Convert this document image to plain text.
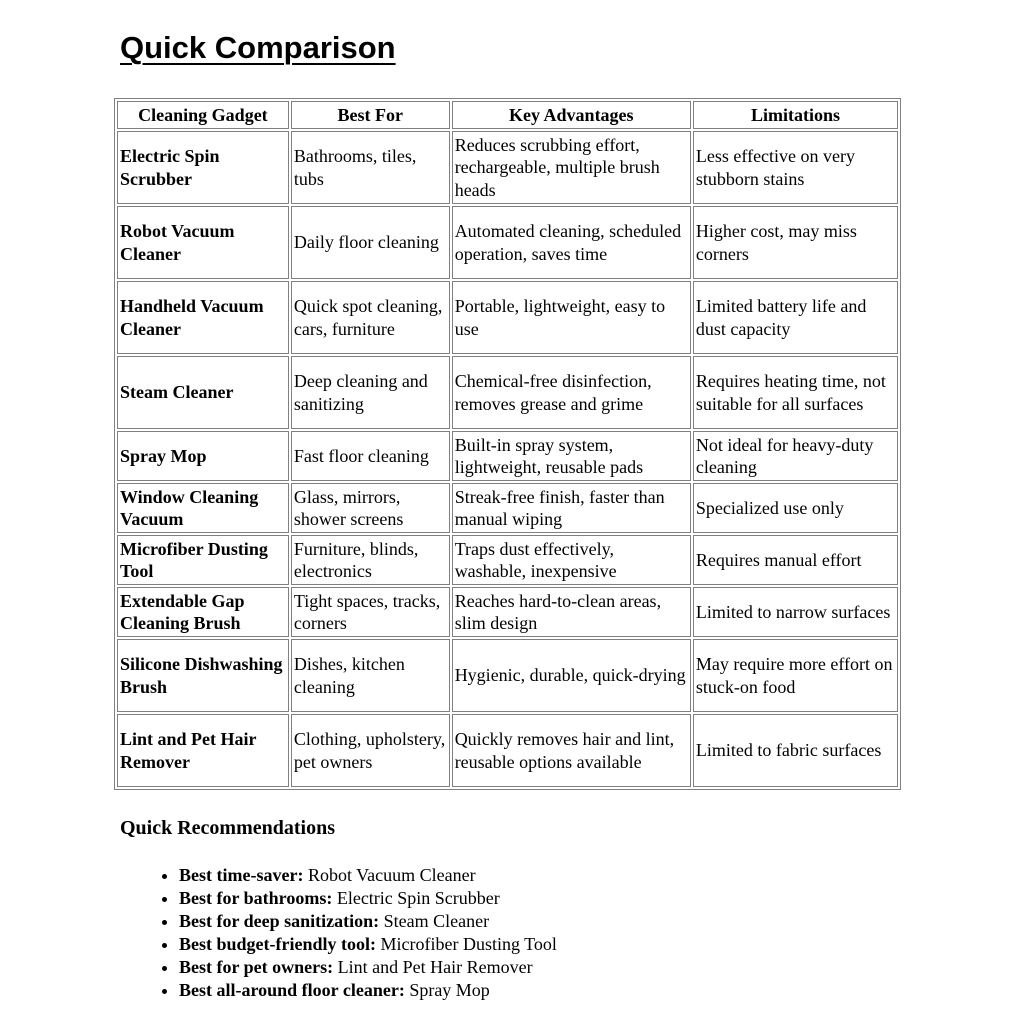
Quick Comparison
Cleaning Gadget	Best For	Key Advantages	Limitations
Electric Spin Scrubber	Bathrooms, tiles, tubs	Reduces scrubbing effort, rechargeable, multiple brush heads	Less effective on very stubborn stains
Robot Vacuum Cleaner	Daily floor cleaning	Automated cleaning, scheduled operation, saves time	Higher cost, may miss corners
Handheld Vacuum Cleaner	Quick spot cleaning, cars, furniture	Portable, lightweight, easy to use	Limited battery life and dust capacity
Steam Cleaner	Deep cleaning and sanitizing	Chemical-free disinfection, removes grease and grime	Requires heating time, not suitable for all surfaces
Spray Mop	Fast floor cleaning	Built-in spray system, lightweight, reusable pads	Not ideal for heavy-duty cleaning
Window Cleaning Vacuum	Glass, mirrors, shower screens	Streak-free finish, faster than manual wiping	Specialized use only
Microfiber Dusting Tool	Furniture, blinds, electronics	Traps dust effectively, washable, inexpensive	Requires manual effort
Extendable Gap Cleaning Brush	Tight spaces, tracks, corners	Reaches hard-to-clean areas, slim design	Limited to narrow surfaces
Silicone Dishwashing Brush	Dishes, kitchen cleaning	Hygienic, durable, quick-drying	May require more effort on stuck-on food
Lint and Pet Hair Remover	Clothing, upholstery, pet owners	Quickly removes hair and lint, reusable options available	Limited to fabric surfaces
Quick Recommendations
• Best time-saver: Robot Vacuum Cleaner
• Best for bathrooms: Electric Spin Scrubber
• Best for deep sanitization: Steam Cleaner
• Best budget-friendly tool: Microfiber Dusting Tool
• Best for pet owners: Lint and Pet Hair Remover
• Best all-around floor cleaner: Spray Mop
